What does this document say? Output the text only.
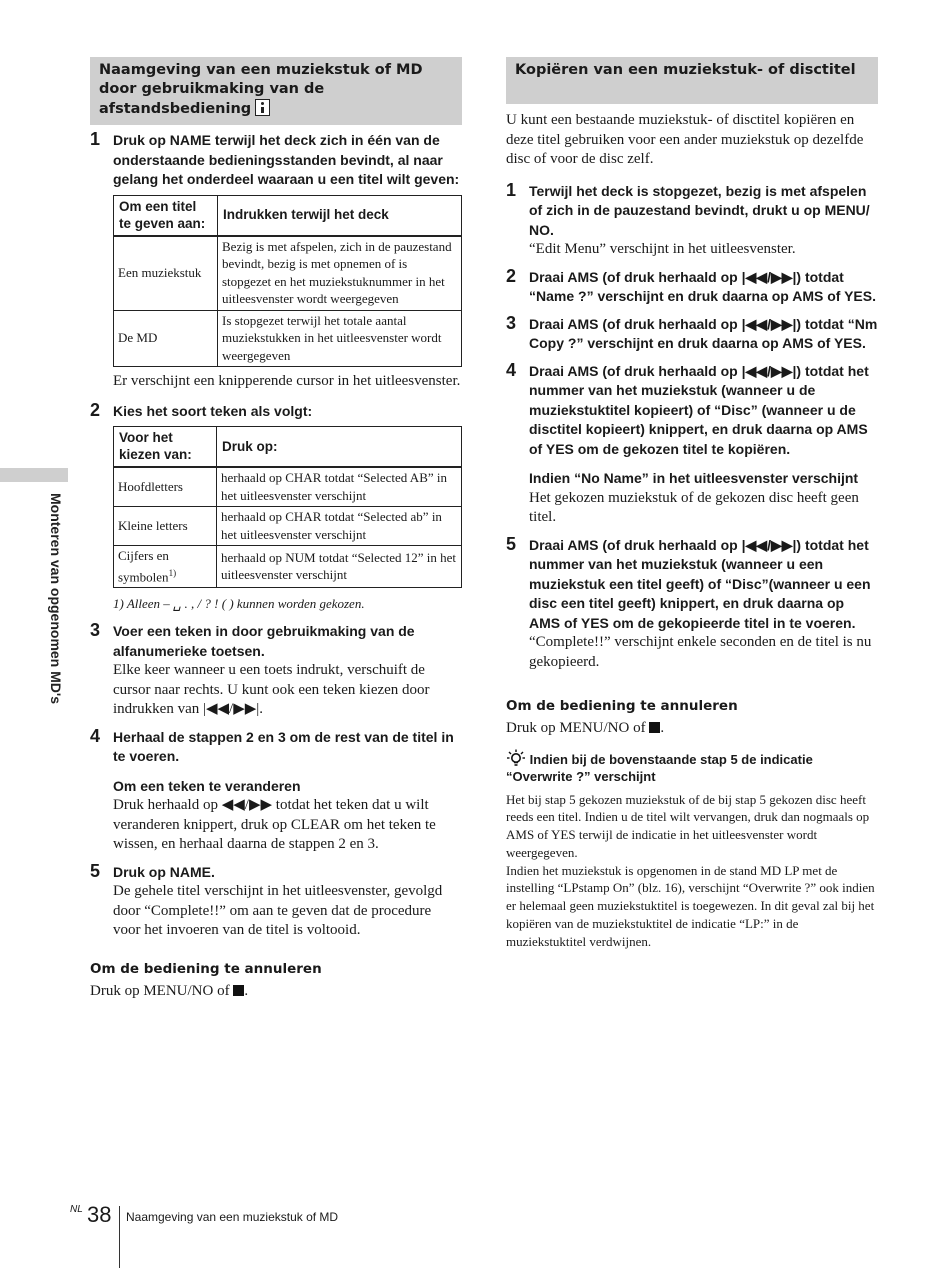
Monteren van opgenomen MD's
Naamgeving van een muziekstuk of MD door gebruikmaking van de afstandsbediening
1 Druk op NAME terwijl het deck zich in één van de onderstaande bedieningsstanden bevindt, al naar gelang het onderdeel waaraan u een titel wilt geven:
Om een titel te geven aan:	Indrukken terwijl het deck
Een muziekstuk	Bezig is met afspelen, zich in de pauzestand bevindt, bezig is met opnemen of is stopgezet en het muziekstuknummer in het uitleesvenster wordt weergegeven
De MD	Is stopgezet terwijl het totale aantal muziekstukken in het uitleesvenster wordt weergegeven
Er verschijnt een knipperende cursor in het uitleesvenster.
2 Kies het soort teken als volgt:
Voor het kiezen van:	Druk op:
Hoofdletters	herhaald op CHAR totdat “Selected AB” in het uitleesvenster verschijnt
Kleine letters	herhaald op CHAR totdat “Selected ab” in het uitleesvenster verschijnt
Cijfers en symbolen$^{1)}$	herhaald op NUM totdat “Selected 12” in het uitleesvenster verschijnt
1) Alleen – ␣ . , / ? ! ( ) kunnen worden gekozen.
3 Voer een teken in door gebruikmaking van de alfanumerieke toetsen.
Elke keer wanneer u een toets indrukt, verschuift de cursor naar rechts. U kunt ook een teken kiezen door indrukken van |◀◀/▶▶|.
4 Herhaal de stappen 2 en 3 om de rest van de titel in te voeren.
Om een teken te veranderen
Druk herhaald op ◀◀/▶▶ totdat het teken dat u wilt veranderen knippert, druk op CLEAR om het teken te wissen, en herhaal daarna de stappen 2 en 3.
5 Druk op NAME.
De gehele titel verschijnt in het uitleesvenster, gevolgd door “Complete!!” om aan te geven dat de procedure voor het invoeren van de titel is voltooid.
Om de bediening te annuleren
Druk op MENU/NO of .
Kopiëren van een muziekstuk- of disctitel
U kunt een bestaande muziekstuk- of disctitel kopiëren en deze titel gebruiken voor een ander muziekstuk op dezelfde disc of voor de disc zelf.
1 Terwijl het deck is stopgezet, bezig is met afspelen of zich in de pauzestand bevindt, drukt u op MENU/ NO.
“Edit Menu” verschijnt in het uitleesvenster.
2 Draai AMS (of druk herhaald op |◀◀/▶▶|) totdat “Name ?” verschijnt en druk daarna op AMS of YES.
3 Draai AMS (of druk herhaald op |◀◀/▶▶|) totdat “Nm Copy ?” verschijnt en druk daarna op AMS of YES.
4 Draai AMS (of druk herhaald op |◀◀/▶▶|) totdat het nummer van het muziekstuk (wanneer u de muziekstuktitel kopieert) of “Disc” (wanneer u de disctitel kopieert) knippert, en druk daarna op AMS of YES om de gekozen titel te kopiëren.
Indien “No Name” in het uitleesvenster verschijnt
Het gekozen muziekstuk of de gekozen disc heeft geen titel.
5 Draai AMS (of druk herhaald op |◀◀/▶▶|) totdat het nummer van het muziekstuk (wanneer u een muziekstuk een titel geeft) of “Disc”(wanneer u een disc een titel geeft) knippert, en druk daarna op AMS of YES om de gekopieerde titel in te voeren.
“Complete!!” verschijnt enkele seconden en de titel is nu gekopieerd.
Om de bediening te annuleren
Druk op MENU/NO of .
Indien bij de bovenstaande stap 5 de indicatie “Overwrite ?” verschijnt
Het bij stap 5 gekozen muziekstuk of de bij stap 5 gekozen disc heeft reeds een titel. Indien u de titel wilt vervangen, druk dan nogmaals op AMS of YES terwijl de indicatie in het uitleesvenster wordt weergegeven.
Indien het muziekstuk is opgenomen in de stand MD LP met de instelling “LPstamp On” (blz. 16), verschijnt “Overwrite ?” ook indien er helemaal geen muziekstuktitel is toegewezen. In dit geval zal bij het kopiëren van de muziekstuktitel de indicatie “LP:” in de muziekstuktitel verdwijnen.
NL 38 Naamgeving van een muziekstuk of MD
